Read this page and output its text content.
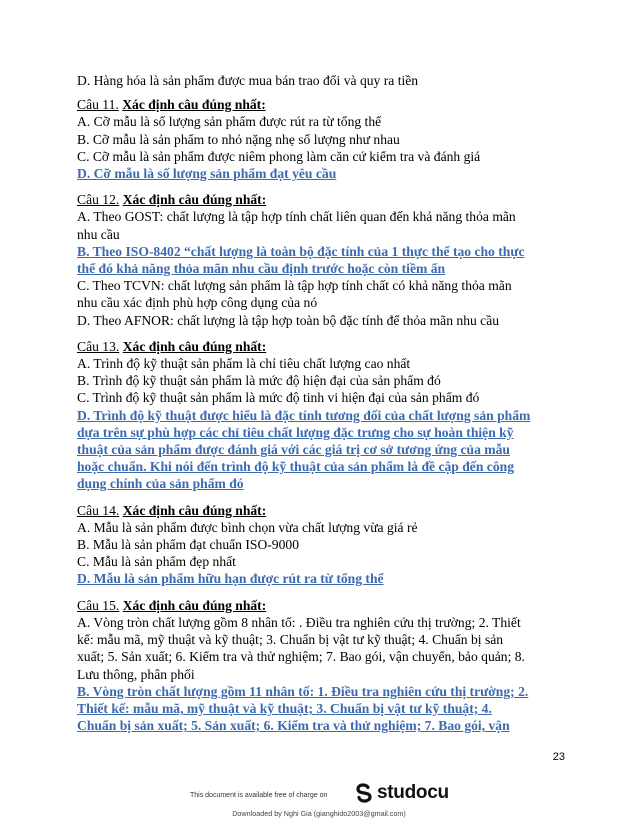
D. Hàng hóa là sản phẩm được mua bán trao đổi và quy ra tiền
Câu 11. Xác định câu đúng nhất:
A. Cỡ mẫu là số lượng sản phẩm được rút ra từ tổng thể
B. Cỡ mẫu là sản phẩm to nhỏ nặng nhẹ số lượng như nhau
C. Cỡ mẫu là sản phẩm được niêm phong làm căn cứ kiểm tra và đánh giá
D. Cỡ mẫu là số lượng sản phẩm đạt yêu cầu
Câu 12. Xác định câu đúng nhất:
A. Theo GOST: chất lượng là tập hợp tính chất liên quan đến khả năng thỏa mãn
nhu cầu
B. Theo ISO-8402 “chất lượng là toàn bộ đặc tính của 1 thực thể tạo cho thực
thể đó khả năng thỏa mãn nhu cầu định trước hoặc còn tiềm ẩn
C. Theo TCVN: chất lượng sản phẩm là tập hợp tính chất có khả năng thỏa mãn
nhu cầu xác định phù hợp công dụng của nó
D. Theo AFNOR: chất lượng là tập hợp toàn bộ đặc tính để thỏa mãn nhu cầu
Câu 13. Xác định câu đúng nhất:
A. Trình độ kỹ thuật sản phẩm là chỉ tiêu chất lượng cao nhất
B. Trình độ kỹ thuật sản phẩm là mức độ hiện đại của sản phẩm đó
C. Trình độ kỹ thuật sản phẩm là mức độ tinh vi hiện đại của sản phẩm đó
D. Trình độ kỹ thuật được hiểu là đặc tính tương đối của chất lượng sản phẩm
dựa trên sự phù hợp các chỉ tiêu chất lượng đặc trưng cho sự hoàn thiện kỹ
thuật của sản phẩm được đánh giá với các giá trị cơ sở tương ứng của mẫu
hoặc chuẩn. Khi nói đến trình độ kỹ thuật của sản phẩm là đề cập đến công
dụng chính của sản phẩm đó
Câu 14. Xác định câu đúng nhất:
A. Mẫu là sản phẩm được bình chọn vừa chất lượng vừa giá rẻ
B. Mẫu là sản phẩm đạt chuẩn ISO-9000
C. Mẫu là sản phẩm đẹp nhất
D. Mẫu là sản phẩm hữu hạn được rút ra từ tổng thể
Câu 15. Xác định câu đúng nhất:
A. Vòng tròn chất lượng gồm 8 nhân tố: . Điều tra nghiên cứu thị trường; 2. Thiết
kế: mẫu mã, mỹ thuật và kỹ thuật; 3. Chuẩn bị vật tư kỹ thuật; 4. Chuẩn bị sản
xuất; 5. Sản xuất; 6. Kiểm tra và thử nghiệm; 7. Bao gói, vận chuyển, bảo quản; 8.
Lưu thông, phân phối
B. Vòng tròn chất lượng gồm 11 nhân tố: 1. Điều tra nghiên cứu thị trường; 2.
Thiết kế: mẫu mã, mỹ thuật và kỹ thuật; 3. Chuẩn bị vật tư kỹ thuật; 4.
Chuẩn bị sản xuất; 5. Sản xuất; 6. Kiểm tra và thử nghiệm; 7. Bao gói, vận
23
This document is available free of charge on	studocu
Downloaded by Nghi Gia (gianghido2003@gmail.com)
